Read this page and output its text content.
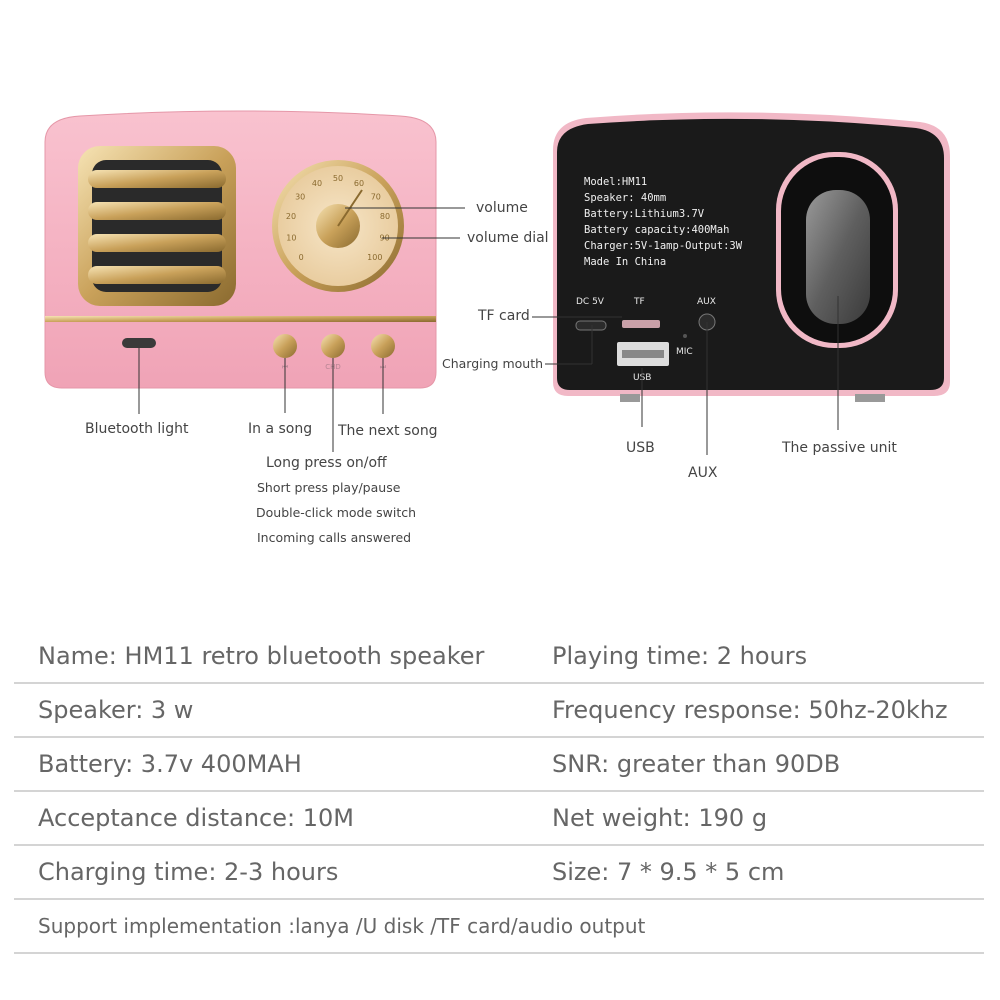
0
10
20
30
40
50
60
70
80
90
100
⏮	CHD	⏭
DC 5V	TF	AUX
MIC
USB
Model:HM11
Speaker: 40mm
Battery:Lithium3.7V
Battery capacity:400Mah
Charger:5V-1amp-Output:3W
Made In China
volume
volume dial
Bluetooth light	In a song The next song
Long press on/off
Short press play/pause
Double-click mode switch
Incoming calls answered
TF card
Charging mouth
USB
AUX
The passive unit
Name: HM11 retro bluetooth speaker	Playing time: 2 hours
Speaker: 3 w	Frequency response: 50hz-20khz
Battery: 3.7v 400MAH	SNR: greater than 90DB
Acceptance distance: 10M	Net weight: 190 g
Charging time: 2-3 hours	Size: 7 * 9.5 * 5 cm
Support implementation :lanya /U disk /TF card/audio output
